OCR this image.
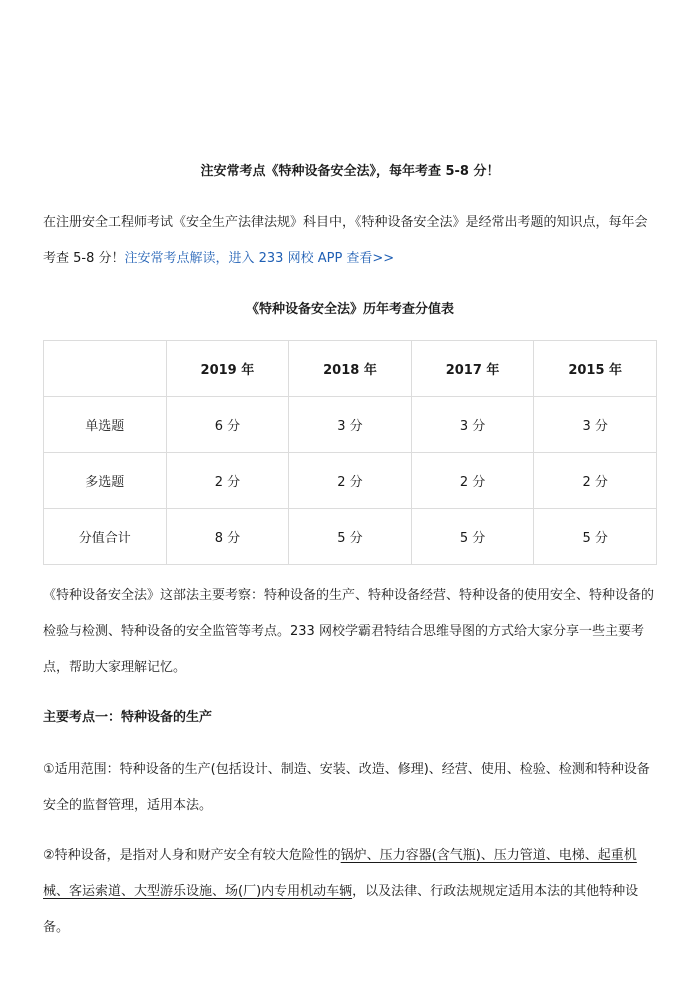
注安常考点《特种设备安全法》，每年考查 5-8 分！

在注册安全工程师考试《安全生产法律法规》科目中，《特种设备安全法》是经常出考题的知识点，每年会考查 5-8 分！注安常考点解读，进入 233 网校 APP 查看>>

《特种设备安全法》历年考查分值表
	2019 年	2018 年	2017 年	2015 年
单选题	6 分	3 分	3 分	3 分
多选题	2 分	2 分	2 分	2 分
分值合计	8 分	5 分	5 分	5 分

《特种设备安全法》这部法主要考察：特种设备的生产、特种设备经营、特种设备的使用安全、特种设备的检验与检测、特种设备的安全监管等考点。233 网校学霸君特结合思维导图的方式给大家分享一些主要考点，帮助大家理解记忆。

主要考点一：特种设备的生产

①适用范围：特种设备的生产(包括设计、制造、安装、改造、修理)、经营、使用、检验、检测和特种设备安全的监督管理，适用本法。

②特种设备，是指对人身和财产安全有较大危险性的锅炉、压力容器(含气瓶)、压力管道、电梯、起重机械、客运索道、大型游乐设施、场(厂)内专用机动车辆，以及法律、行政法规规定适用本法的其他特种设备。
